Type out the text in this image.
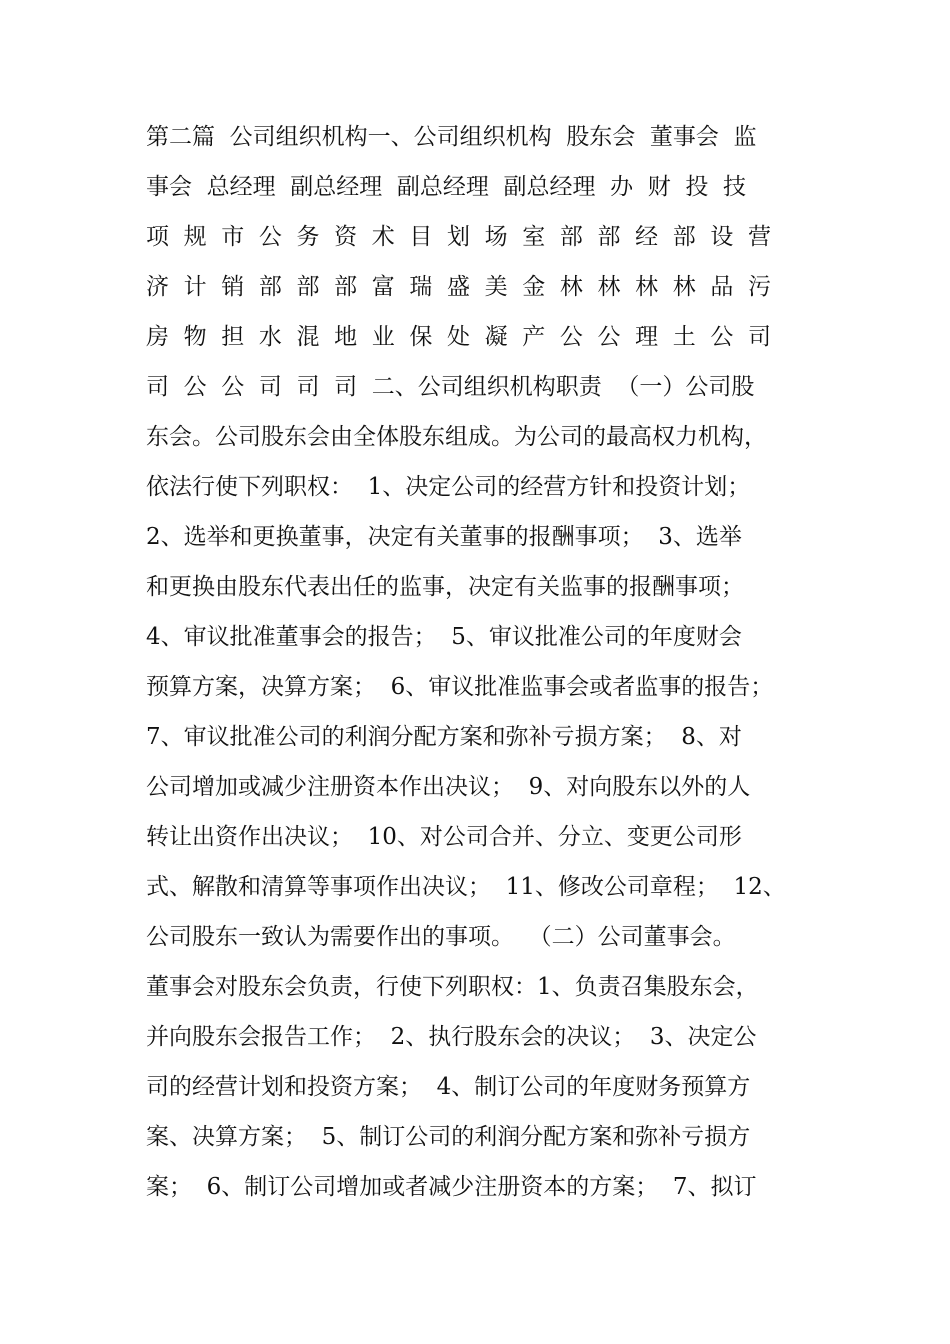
第二篇  公司组织机构一、公司组织机构  股东会  董事会  监
事会  总经理  副总经理  副总经理  副总经理  办  财  投  技
项  规  市  公  务  资  术  目  划  场  室  部  部  经  部  设  营
济  计  销  部  部  部  富  瑞  盛  美  金  林  林  林  林  品  污
房  物  担  水  混  地  业  保  处  凝  产  公  公  理  土  公  司
司  公  公  司  司  司  二、公司组织机构职责  （一）公司股
东会。公司股东会由全体股东组成。为公司的最高权力机构，
依法行使下列职权：  1、决定公司的经营方针和投资计划；
2、选举和更换董事，决定有关董事的报酬事项；  3、选举
和更换由股东代表出任的监事，决定有关监事的报酬事项；
4、审议批准董事会的报告；  5、审议批准公司的年度财会
预算方案，决算方案；  6、审议批准监事会或者监事的报告；
7、审议批准公司的利润分配方案和弥补亏损方案；  8、对
公司增加或减少注册资本作出决议；  9、对向股东以外的人
转让出资作出决议；  10、对公司合并、分立、变更公司形
式、解散和清算等事项作出决议；  11、修改公司章程；  12、
公司股东一致认为需要作出的事项。  （二）公司董事会。
董事会对股东会负责，行使下列职权：1、负责召集股东会，
并向股东会报告工作；  2、执行股东会的决议；  3、决定公
司的经营计划和投资方案；  4、制订公司的年度财务预算方
案、决算方案；  5、制订公司的利润分配方案和弥补亏损方
案；  6、制订公司增加或者减少注册资本的方案；  7、拟订
